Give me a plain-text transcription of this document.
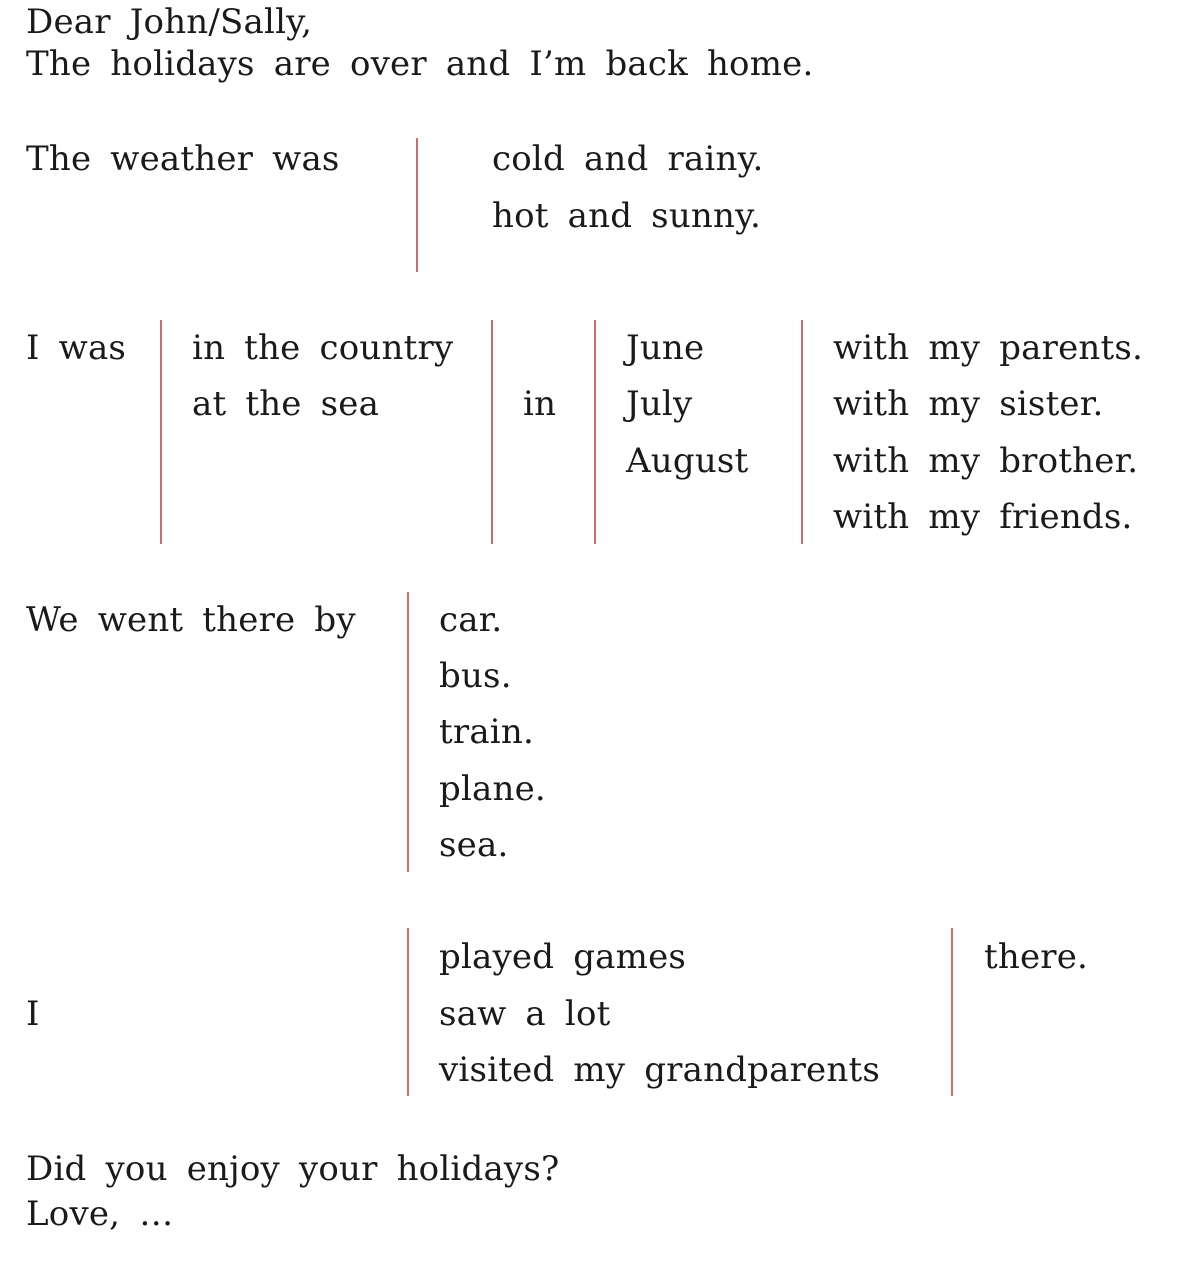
Dear John/Sally,
The holidays are over and I’m back home.
The weather was	cold and rainy.
hot and sunny.
I was in the country
at the sea	in
June
July
August
with my parents.
with my sister.
with my brother.
with my friends.
We went there by car.
bus.
train.
plane.
sea.
I
played games
saw a lot
visited my grandparents
there.
Did you enjoy your holidays?
Love, …
